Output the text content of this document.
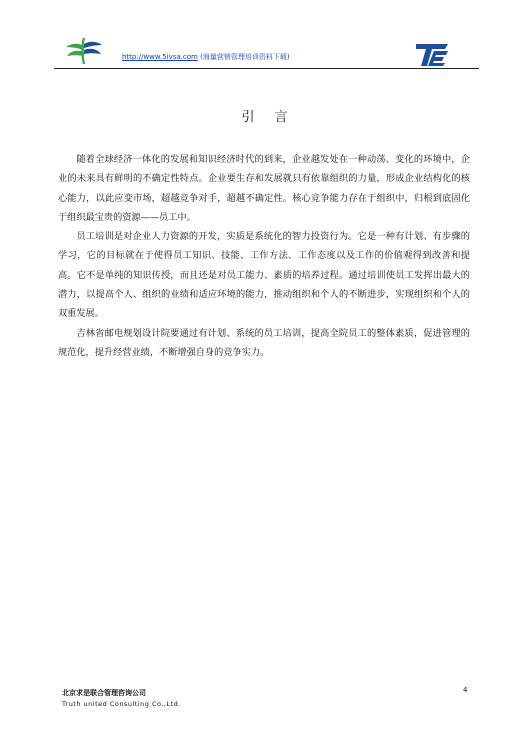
http://www.5ivsa.com (海量营销管理培训资料下载)
引言

随着全球经济一体化的发展和知识经济时代的到来，企业越发处在一种动荡、变化的环境中，企业的未来具有鲜明的不确定性特点。企业要生存和发展就只有依靠组织的力量，形成企业结构化的核心能力，以此应变市场，超越竞争对手，超越不确定性。核心竞争能力存在于组织中，归根到底固化于组织最宝贵的资源——员工中。

员工培训是对企业人力资源的开发，实质是系统化的智力投资行为。它是一种有计划、有步骤的学习，它的目标就在于使得员工知识、技能、工作方法、工作态度以及工作的价值观得到改善和提高。它不是单纯的知识传授，而且还是对员工能力、素质的培养过程。通过培训使员工发挥出最大的潜力，以提高个人、组织的业绩和适应环境的能力，推动组织和个人的不断进步，实现组织和个人的双重发展。

吉林省邮电规划设计院要通过有计划、系统的员工培训，提高全院员工的整体素质，促进管理的规范化，提升经营业绩，不断增强自身的竞争实力。

北京求是联合管理咨询公司
Truth united Consulting Co.,Ltd.
4
